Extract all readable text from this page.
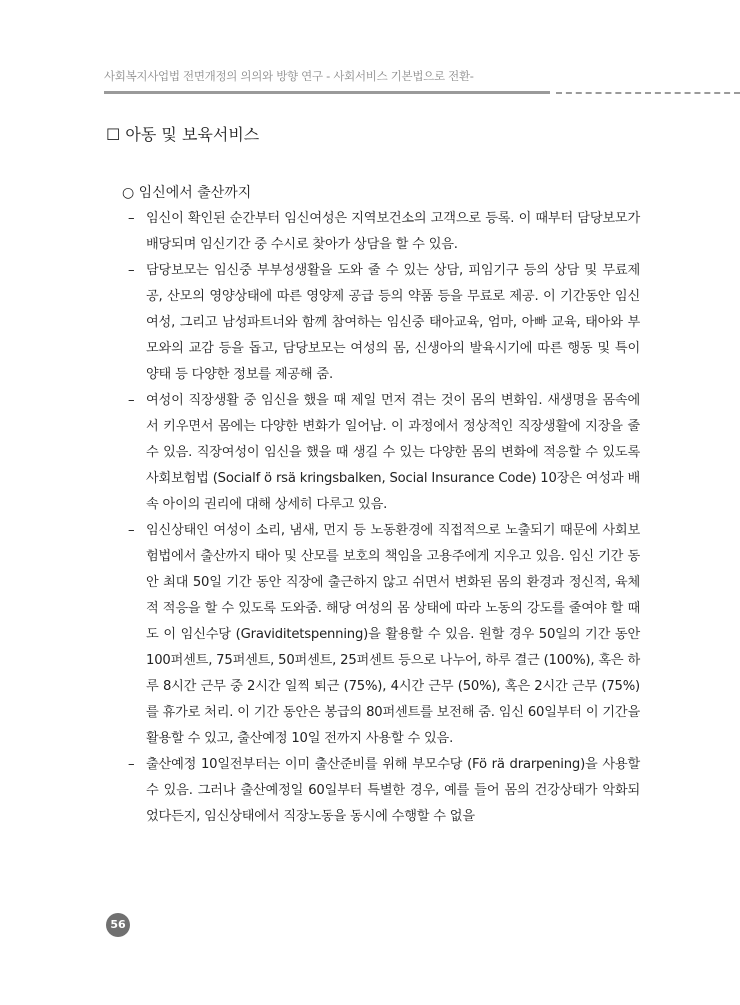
사회복지사업법 전면개정의 의의와 방향 연구 - 사회서비스 기본법으로 전환-
☐ 아동 및 보육서비스
○ 임신에서 출산까지

– 임신이 확인된 순간부터 임신여성은 지역보건소의 고객으로 등록. 이 때부터 담당보모가 배당되며 임신기간 중 수시로 찾아가 상담을 할 수 있음.

– 담당보모는 임신중 부부성생활을 도와 줄 수 있는 상담, 피임기구 등의 상담 및 무료제공, 산모의 영양상태에 따른 영양제 공급 등의 약품 등을 무료로 제공. 이 기간동안 임신여성, 그리고 남성파트너와 함께 참여하는 임신중 태아교육, 엄마, 아빠 교육, 태아와 부모와의 교감 등을 돕고, 담당보모는 여성의 몸, 신생아의 발육시기에 따른 행동 및 특이 양태 등 다양한 정보를 제공해 줌.

– 여성이 직장생활 중 임신을 했을 때 제일 먼저 겪는 것이 몸의 변화임. 새생명을 몸속에서 키우면서 몸에는 다양한 변화가 일어남. 이 과정에서 정상적인 직장생활에 지장을 줄 수 있음. 직장여성이 임신을 했을 때 생길 수 있는 다양한 몸의 변화에 적응할 수 있도록 사회보험법 (Socialf ö rsä kringsbalken, Social Insurance Code) 10장은 여성과 배속 아이의 권리에 대해 상세히 다루고 있음.

– 임신상태인 여성이 소리, 냄새, 먼지 등 노동환경에 직접적으로 노출되기 때문에 사회보험법에서 출산까지 태아 및 산모를 보호의 책임을 고용주에게 지우고 있음. 임신 기간 동안 최대 50일 기간 동안 직장에 출근하지 않고 쉬면서 변화된 몸의 환경과 정신적, 육체적 적응을 할 수 있도록 도와줌. 해당 여성의 몸 상태에 따라 노동의 강도를 줄여야 할 때도 이 임신수당 (Graviditetspenning)을 활용할 수 있음. 원할 경우 50일의 기간 동안 100퍼센트, 75퍼센트, 50퍼센트, 25퍼센트 등으로 나누어, 하루 결근 (100%), 혹은 하루 8시간 근무 중 2시간 일찍 퇴근 (75%), 4시간 근무 (50%), 혹은 2시간 근무 (75%)를 휴가로 처리. 이 기간 동안은 봉급의 80퍼센트를 보전해 줌. 임신 60일부터 이 기간을 활용할 수 있고, 출산예정 10일 전까지 사용할 수 있음.

– 출산예정 10일전부터는 이미 출산준비를 위해 부모수당 (Fö rä drarpening)을 사용할 수 있음. 그러나 출산예정일 60일부터 특별한 경우, 예를 들어 몸의 건강상태가 악화되었다든지, 임신상태에서 직장노동을 동시에 수행할 수 없을

56
